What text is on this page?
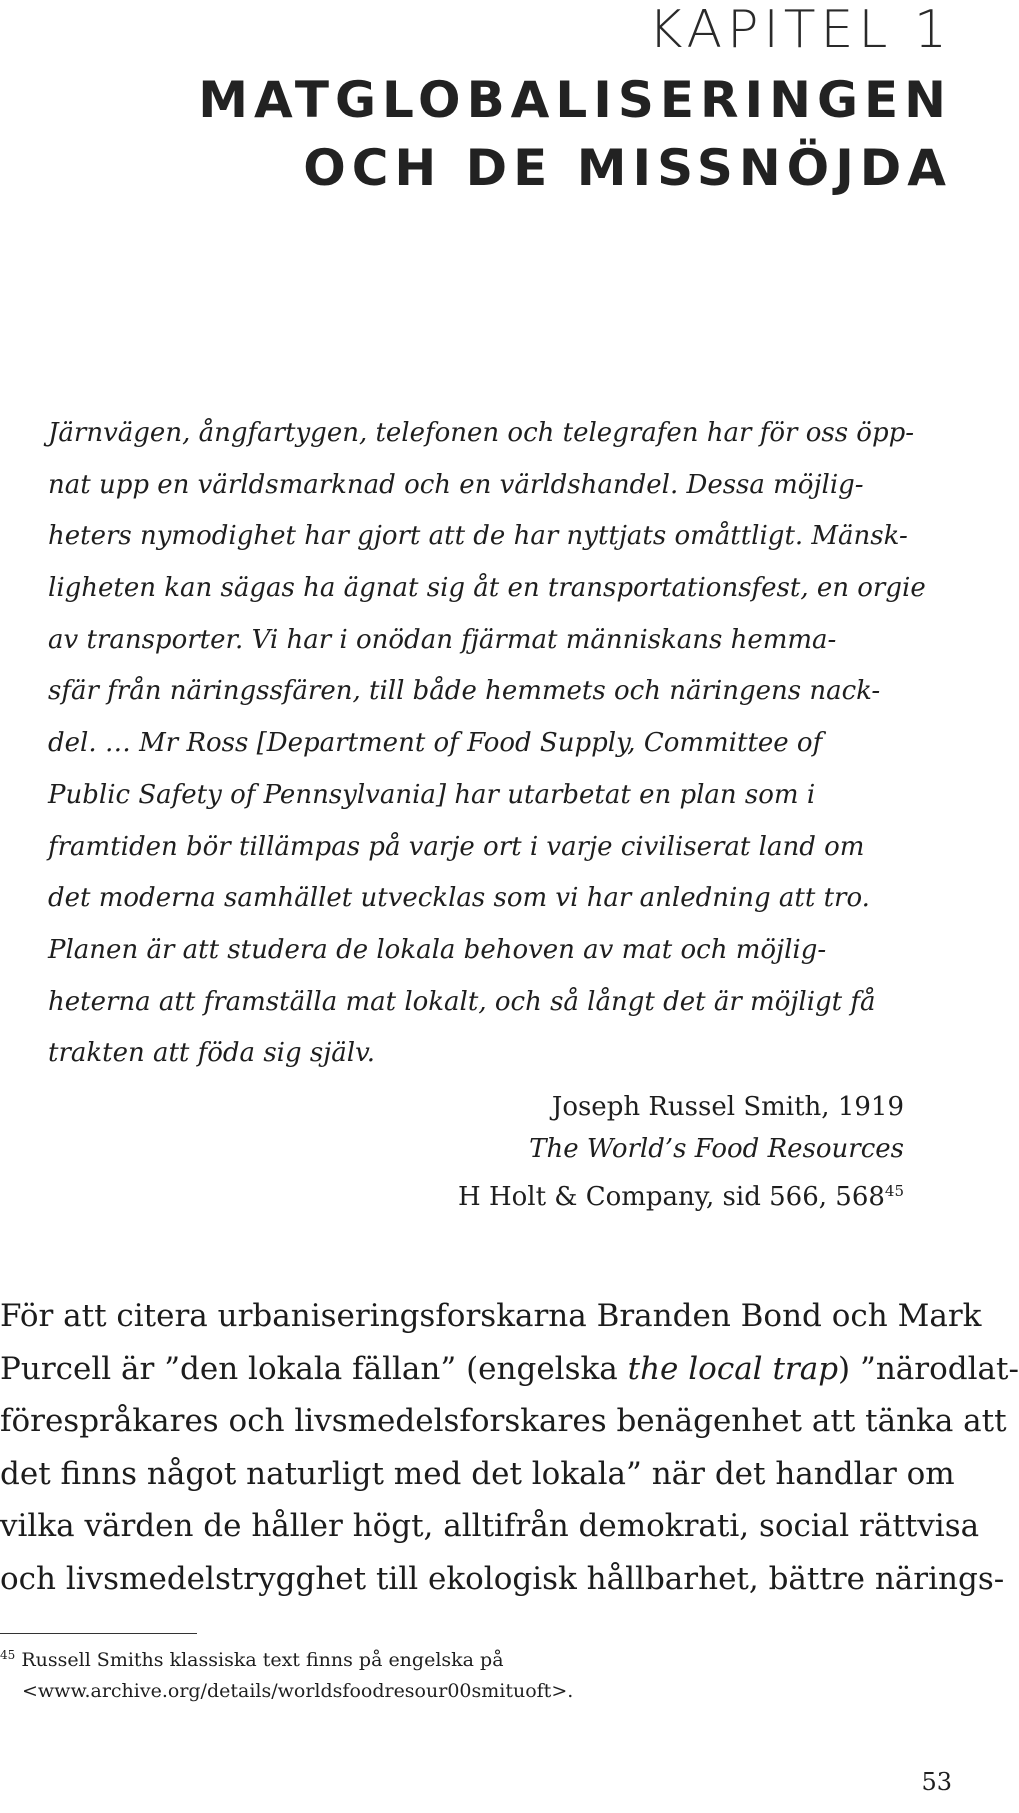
KAPITEL 1
MATGLOBALISERINGEN
OCH DE MISSNÖJDA
Järnvägen, ångfartygen, telefonen och telegrafen har för oss öpp-
nat upp en världsmarknad och en världshandel. Dessa möjlig-
heters nymodighet har gjort att de har nyttjats omåttligt. Mänsk-
ligheten kan sägas ha ägnat sig åt en transportationsfest, en orgie
av transporter. Vi har i onödan fjärmat människans hemma-
sfär från näringssfären, till både hemmets och näringens nack-
del. … Mr Ross [Department of Food Supply, Committee of
Public Safety of Pennsylvania] har utarbetat en plan som i
framtiden bör tillämpas på varje ort i varje civiliserat land om
det moderna samhället utvecklas som vi har anledning att tro.
Planen är att studera de lokala behoven av mat och möjlig-
heterna att framställa mat lokalt, och så långt det är möjligt få
trakten att föda sig själv.
Joseph Russel Smith, 1919
The World’s Food Resources
H Holt & Company, sid 566, $568^{45}$
För att citera urbaniseringsforskarna Branden Bond och Mark
Purcell är ”den lokala fällan” (engelska the local trap) ”närodlat-
förespråkares och livsmedelsforskares benägenhet att tänka att
det finns något naturligt med det lokala” när det handlar om
vilka värden de håller högt, alltifrån demokrati, social rättvisa
och livsmedelstrygghet till ekologisk hållbarhet, bättre närings-
$^{45}$ Russell Smiths klassiska text finns på engelska på
<www.archive.org/details/worldsfoodresour00smituoft>.
53
